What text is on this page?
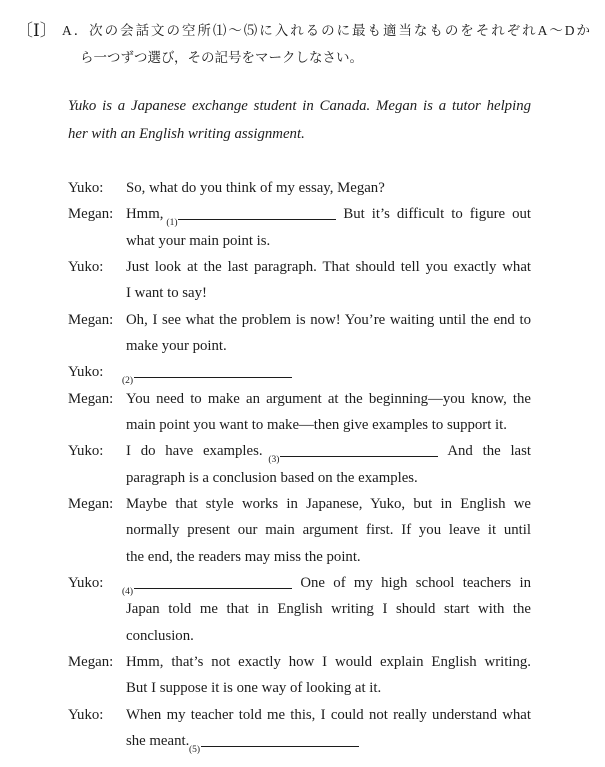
〔Ⅰ〕 A．次の会話文の空所⑴～⑸に入れるのに最も適当なものをそれぞれA～Dか
ら一つずつ選び，その記号をマークしなさい。
Yuko is a Japanese exchange student in Canada. Megan is a tutor helping
her with an English writing assignment.
Yuko:	So, what do you think of my essay, Megan?
Megan: Hmm,
(1)
But it’s difficult to figure out
what your main point is.
Yuko:	Just look at the last paragraph. That should tell you exactly what
I want to say!
Megan: Oh, I see what the problem is now! You’re waiting until the end to
make your point.
Yuko:
(2)
Megan: You need to make an argument at the beginning—you know, the
main point you want to make—then give examples to support it.
Yuko:	I do have examples.
(3)
And the last
paragraph is a conclusion based on the examples.
Megan: Maybe that style works in Japanese, Yuko, but in English we
normally present our main argument first. If you leave it until
the end, the readers may miss the point.
Yuko:
(4)
One of my high school teachers in
Japan told me that in English writing I should start with the
conclusion.
Megan: Hmm, that’s not exactly how I would explain English writing.
But I suppose it is one way of looking at it.
Yuko:	When my teacher told me this, I could not really understand what
she meant.
(5)
